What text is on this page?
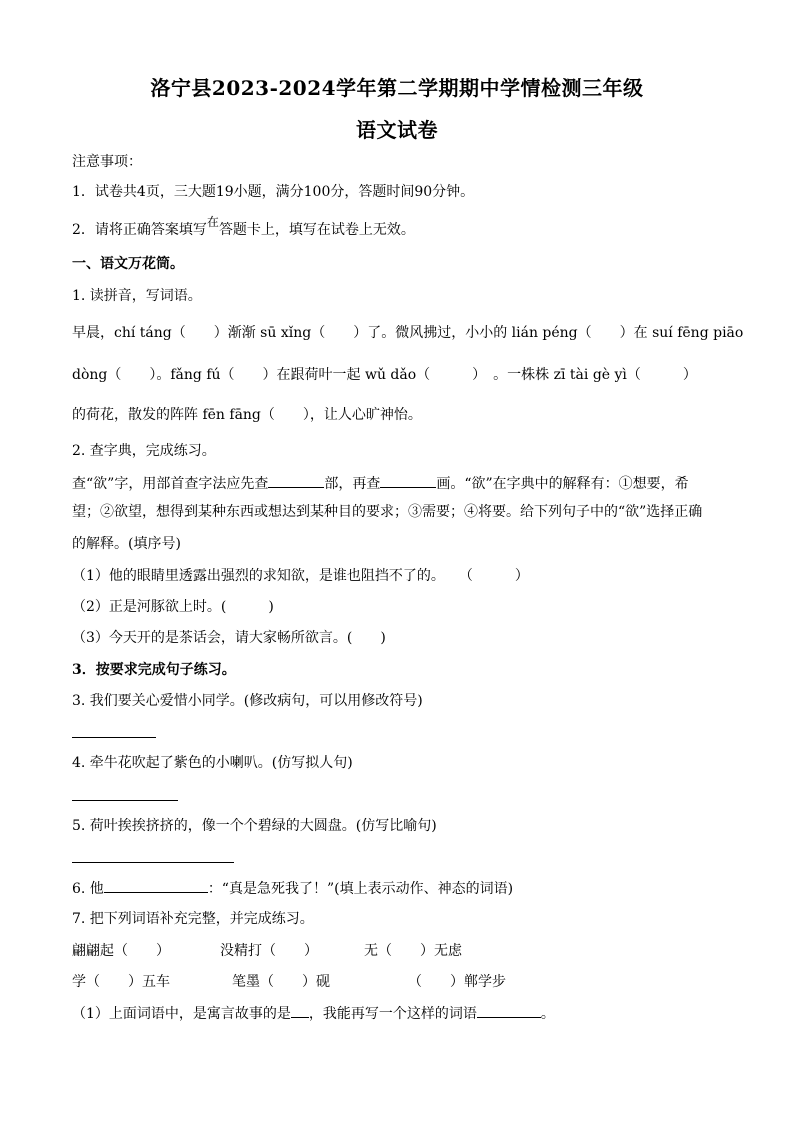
洛宁县2023-2024学年第二学期期中学情检测三年级
语文试卷
注意事项：
1．试卷共4页，三大题19小题，满分100分，答题时间90分钟。
2．请将正确答案填写在答题卡上，填写在试卷上无效。
一、语文万花筒。
1. 读拼音，写词语。
早晨，chí táng（　　）渐渐 sū xǐng（　　）了。微风拂过，小小的 lián péng（　　）在 suí fēng piāo
dòng（　　）。fǎng fú（　　）在跟荷叶一起 wǔ dǎo（　　　）　。一株株 zī tài gè yì（　　　）
的荷花，散发的阵阵 fēn fāng（　　），让人心旷神怡。
2. 查字典，完成练习。
查“欲”字，用部首查字法应先查	部，再查	画。“欲”在字典中的解释有：①想要，希
望；②欲望，想得到某种东西或想达到某种目的要求；③需要；④将要。给下列句子中的“欲”选择正确
的解释。(填序号)
（1）他的眼睛里透露出强烈的求知欲，是谁也阻挡不了的。　　（　　　）
（2）正是河豚欲上时。(　　　)
（3）今天开的是茶话会，请大家畅所欲言。(　　)
3．按要求完成句子练习。
3. 我们要关心爱惜小同学。(修改病句，可以用修改符号)
4. 牵牛花吹起了紫色的小喇叭。(仿写拟人句)
5. 荷叶挨挨挤挤的，像一个个碧绿的大圆盘。(仿写比喻句)
6. 他	：“真是急死我了！”(填上表示动作、神态的词语)
7. 把下列词语补充完整，并完成练习。
翩翩起（　　）	没精打（　　）	无（　　）无虑
学（　　）五车	笔墨（　　）砚	（　　）郸学步
（1）上面词语中，是寓言故事的是 ，我能再写一个这样的词语	。
